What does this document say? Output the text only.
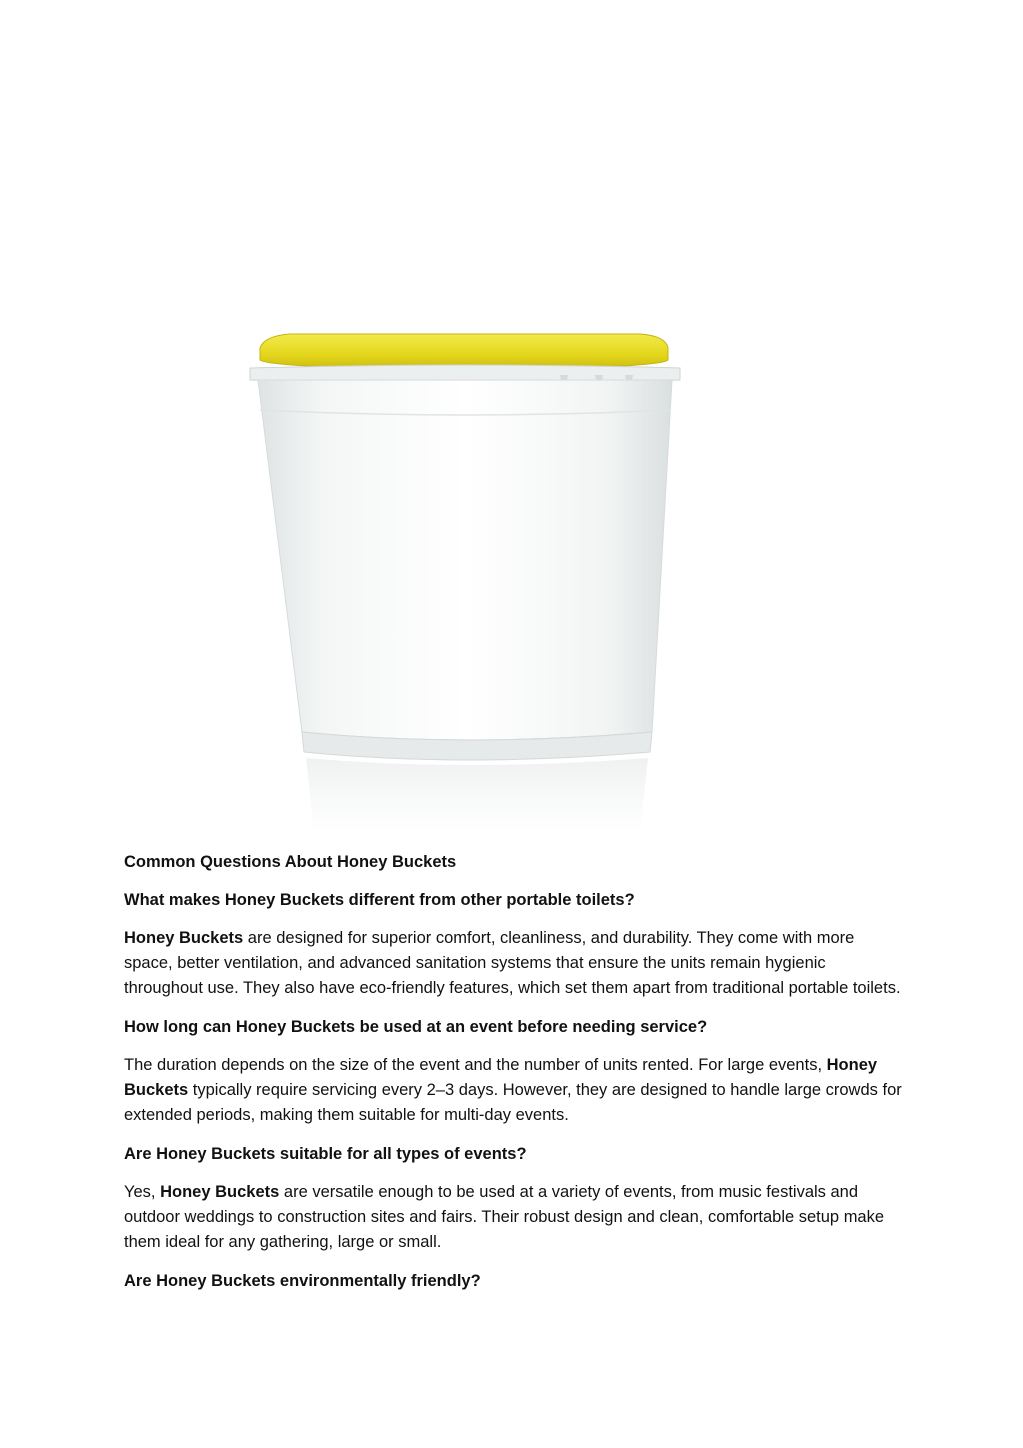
Common Questions About Honey Buckets
What makes Honey Buckets different from other portable toilets?

Honey Buckets are designed for superior comfort, cleanliness, and durability. They come with more space, better ventilation, and advanced sanitation systems that ensure the units remain hygienic throughout use. They also have eco-friendly features, which set them apart from traditional portable toilets.

How long can Honey Buckets be used at an event before needing service?

The duration depends on the size of the event and the number of units rented. For large events, Honey Buckets typically require servicing every 2–3 days. However, they are designed to handle large crowds for extended periods, making them suitable for multi-day events.

Are Honey Buckets suitable for all types of events?

Yes, Honey Buckets are versatile enough to be used at a variety of events, from music festivals and outdoor weddings to construction sites and fairs. Their robust design and clean, comfortable setup make them ideal for any gathering, large or small.

Are Honey Buckets environmentally friendly?
